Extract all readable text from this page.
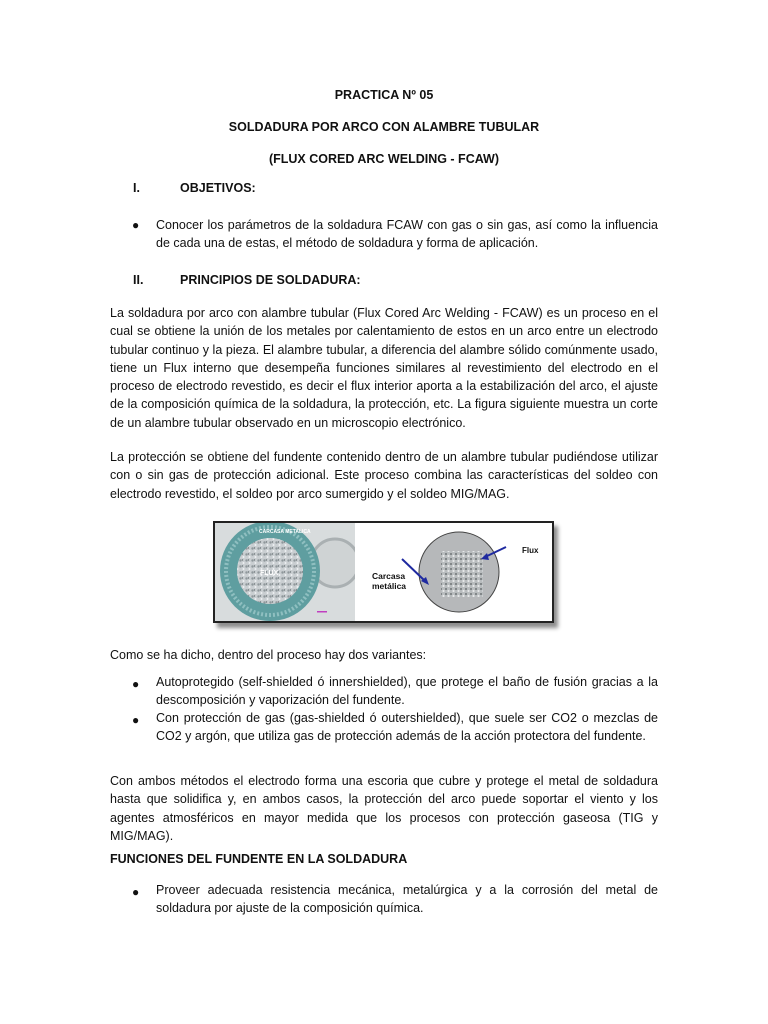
PRACTICA Nº 05
SOLDADURA POR ARCO CON ALAMBRE TUBULAR
(FLUX CORED ARC WELDING - FCAW)
I.	OBJETIVOS:
● Conocer los parámetros de la soldadura FCAW con gas o sin gas, así como la influencia de cada una de estas, el método de soldadura y forma de aplicación.
II.	PRINCIPIOS DE SOLDADURA:
La soldadura por arco con alambre tubular (Flux Cored Arc Welding - FCAW) es un proceso en el cual se obtiene la unión de los metales por calentamiento de estos en un arco entre un electrodo tubular continuo y la pieza. El alambre tubular, a diferencia del alambre sólido comúnmente usado, tiene un Flux interno que desempeña funciones similares al revestimiento del electrodo en el proceso de electrodo revestido, es decir el flux interior aporta a la estabilización del arco, el ajuste de la composición química de la soldadura, la protección, etc. La figura siguiente muestra un corte de un alambre tubular observado en un microscopio electrónico.
La protección se obtiene del fundente contenido dentro de un alambre tubular pudiéndose utilizar con o sin gas de protección adicional. Este proceso combina las características del soldeo con electrodo revestido, el soldeo por arco sumergido y el soldeo MIG/MAG.
CARCASA METALICA
FLUX
Flux
Carcasa
metálica
Como se ha dicho, dentro del proceso hay dos variantes:
● Autoprotegido (self-shielded ó innershielded), que protege el baño de fusión gracias a la descomposición y vaporización del fundente.
● Con protección de gas (gas-shielded ó outershielded), que suele ser CO2 o mezclas de CO2 y argón, que utiliza gas de protección además de la acción protectora del fundente.
Con ambos métodos el electrodo forma una escoria que cubre y protege el metal de soldadura hasta que solidifica y, en ambos casos, la protección del arco puede soportar el viento y los agentes atmosféricos en mayor medida que los procesos con protección gaseosa (TIG y MIG/MAG).
FUNCIONES DEL FUNDENTE EN LA SOLDADURA
● Proveer adecuada resistencia mecánica, metalúrgica y a la corrosión del metal de soldadura por ajuste de la composición química.
